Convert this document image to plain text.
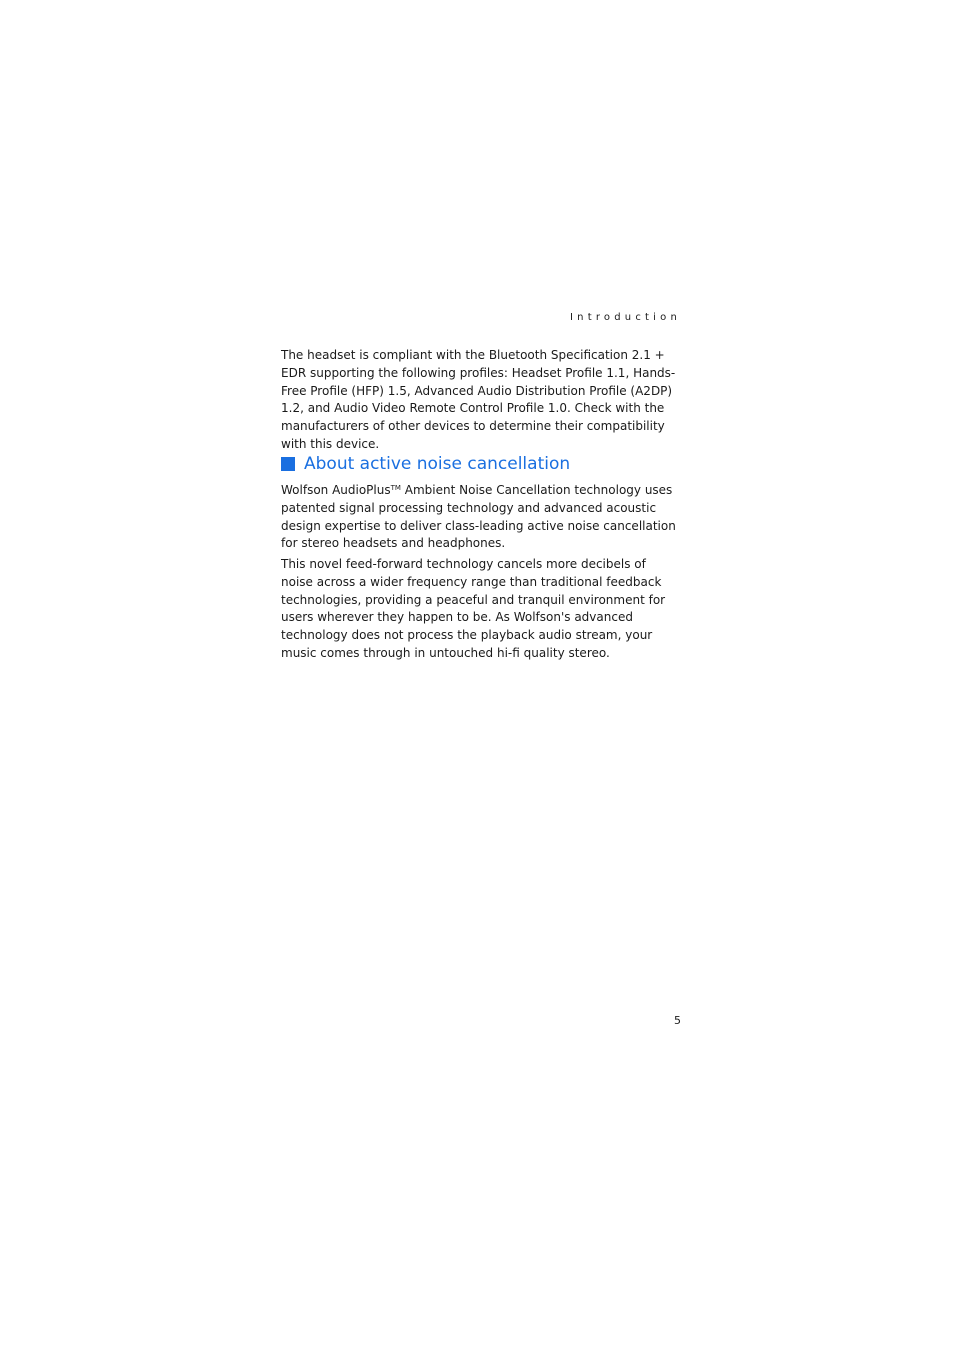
Introduction

The headset is compliant with the Bluetooth Specification 2.1 + EDR supporting the following profiles: Headset Profile 1.1, Hands-Free Profile (HFP) 1.5, Advanced Audio Distribution Profile (A2DP) 1.2, and Audio Video Remote Control Profile 1.0. Check with the manufacturers of other devices to determine their compatibility with this device.

About active noise cancellation

Wolfson AudioPlus™ Ambient Noise Cancellation technology uses patented signal processing technology and advanced acoustic design expertise to deliver class-leading active noise cancellation for stereo headsets and headphones.

This novel feed-forward technology cancels more decibels of noise across a wider frequency range than traditional feedback technologies, providing a peaceful and tranquil environment for users wherever they happen to be. As Wolfson's advanced technology does not process the playback audio stream, your music comes through in untouched hi-fi quality stereo.

5
